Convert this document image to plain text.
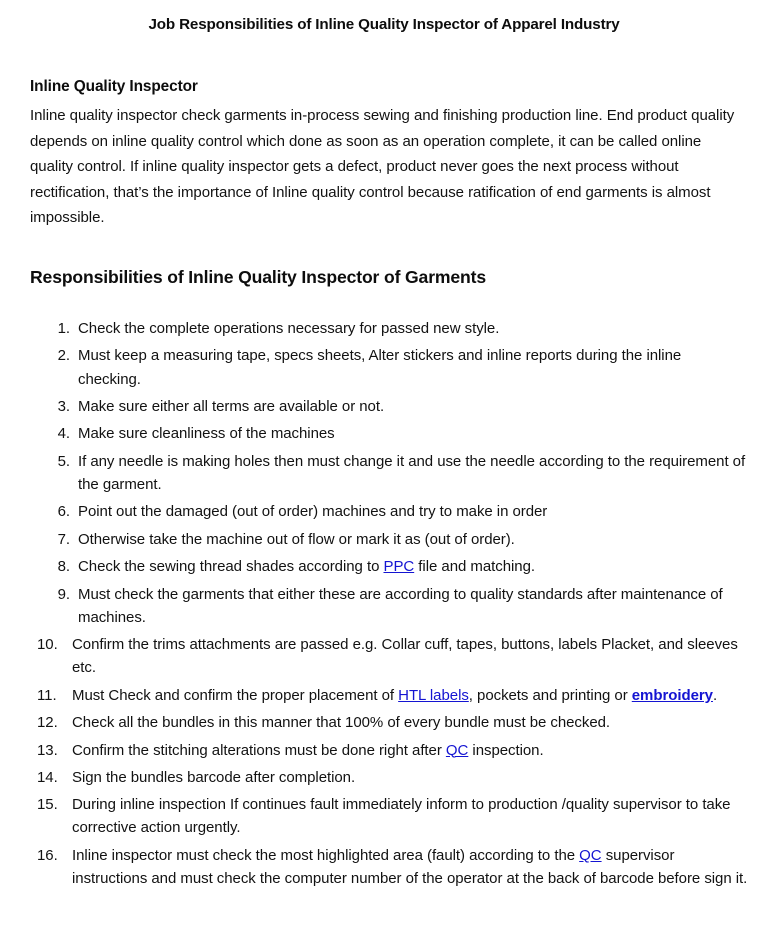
Job Responsibilities of Inline Quality Inspector of Apparel Industry
Inline Quality Inspector
Inline quality inspector check garments in-process sewing and finishing production line. End product quality depends on inline quality control which done as soon as an operation complete, it can be called online quality control. If inline quality inspector gets a defect, product never goes the next process without rectification, that’s the importance of Inline quality control because ratification of end garments is almost impossible.
Responsibilities of Inline Quality Inspector of Garments
1. Check the complete operations necessary for passed new style.
2. Must keep a measuring tape, specs sheets, Alter stickers and inline reports during the inline checking.
3. Make sure either all terms are available or not.
4. Make sure cleanliness of the machines
5. If any needle is making holes then must change it and use the needle according to the requirement of the garment.
6. Point out the damaged (out of order) machines and try to make in order
7. Otherwise take the machine out of flow or mark it as (out of order).
8. Check the sewing thread shades according to PPC file and matching.
9. Must check the garments that either these are according to quality standards after maintenance of machines.
10. Confirm the trims attachments are passed e.g. Collar cuff, tapes, buttons, labels Placket, and sleeves etc.
11.	Must Check and confirm the proper placement of HTL labels, pockets and printing or embroidery.
12. Check all the bundles in this manner that 100% of every bundle must be checked.
13. Confirm the stitching alterations must be done right after QC inspection.
14. Sign the bundles barcode after completion.
15. During inline inspection If continues fault immediately inform to production /quality supervisor to take corrective action urgently.
16. Inline inspector must check the most highlighted area (fault) according to the QC supervisor instructions and must check the computer number of the operator at the back of barcode before sign it.
